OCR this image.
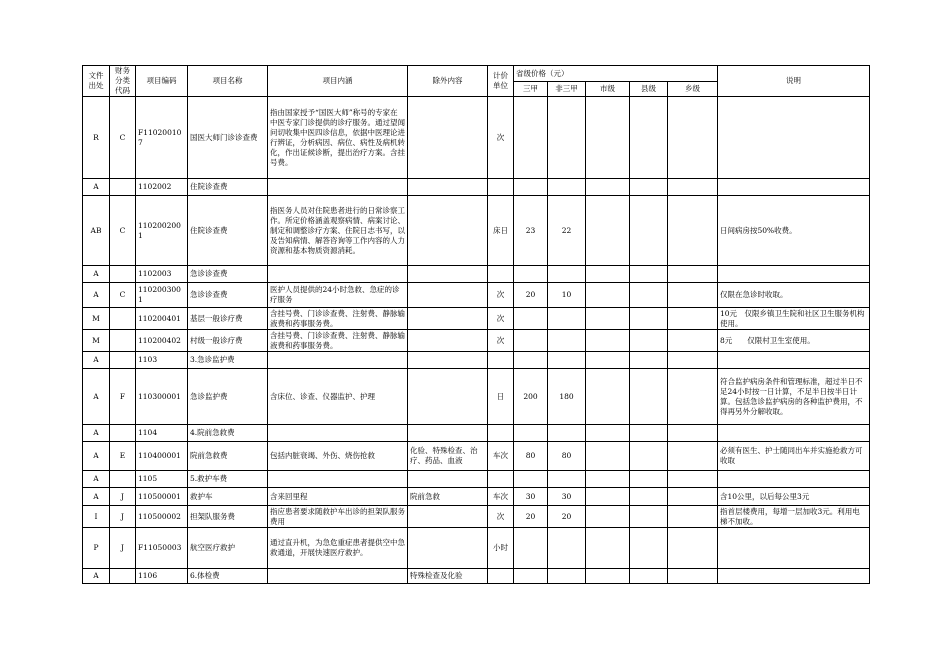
文件出处	财务分类代码	项目编码	项目名称	项目内涵	除外内容	计价单位	省级价格（元）					说明
							三甲	非三甲	市级	县级	乡级	
R	C	F110200107	国医大师门诊诊查费	指由国家授予“国医大师”称号的专家在中医专家门诊提供的诊疗服务。通过望闻问切收集中医四诊信息，依据中医理论进行辨证，分析病因、病位、病性及病机转化，作出证候诊断，提出治疗方案。含挂号费。		次						
A		1102002	住院诊查费									
AB	C	1102002001	住院诊查费	指医务人员对住院患者进行的日常诊察工作。所定价格涵盖观察病情、病案讨论、制定和调整诊疗方案、住院日志书写，以及告知病情、解答咨询等工作内容的人力资源和基本物质资源消耗。		床日	23	22				日间病房按50%收费。
A		1102003	急诊诊查费									
A	C	1102003001	急诊诊查费	医护人员提供的24小时急救、急症的诊疗服务		次	20	10				仅限在急诊时收取。
M		110200401	基层一般诊疗费	含挂号费、门诊诊查费、注射费、静脉输液费和药事服务费。		次						10元　仅限乡镇卫生院和社区卫生服务机构使用。
M		110200402	村级一般诊疗费	含挂号费、门诊诊查费、注射费、静脉输液费和药事服务费。		次						8元　　仅限村卫生室使用。
A		1103	3.急诊监护费									
A	F	110300001	急诊监护费	含床位、诊查、仪器监护、护理		日	200	180				符合监护病房条件和管理标准，超过半日不足24小时按一日计算，不足半日按半日计算。包括急诊监护病房的各种监护费用，不得再另外分解收取。
A		1104	4.院前急救费									
A	E	110400001	院前急救费	包括内脏衰竭、外伤、烧伤抢救	化验、特殊检查、治疗、药品、血液	车次	80	80				必须有医生、护士随同出车并实施抢救方可收取
A		1105	5.救护车费									
A	J	110500001	救护车	含来回里程	院前急救	车次	30	30				含10公里，以后每公里3元
I	J	110500002	担架队服务费	指应患者要求随救护车出诊的担架队服务费用		次	20	20				指首层楼费用，每增一层加收3元。利用电梯不加收。
P	J	F11050003	航空医疗救护	通过直升机，为急危重症患者提供空中急救通道，开展快速医疗救护。		小时						
A		1106	6.体检费		特殊检查及化验							
